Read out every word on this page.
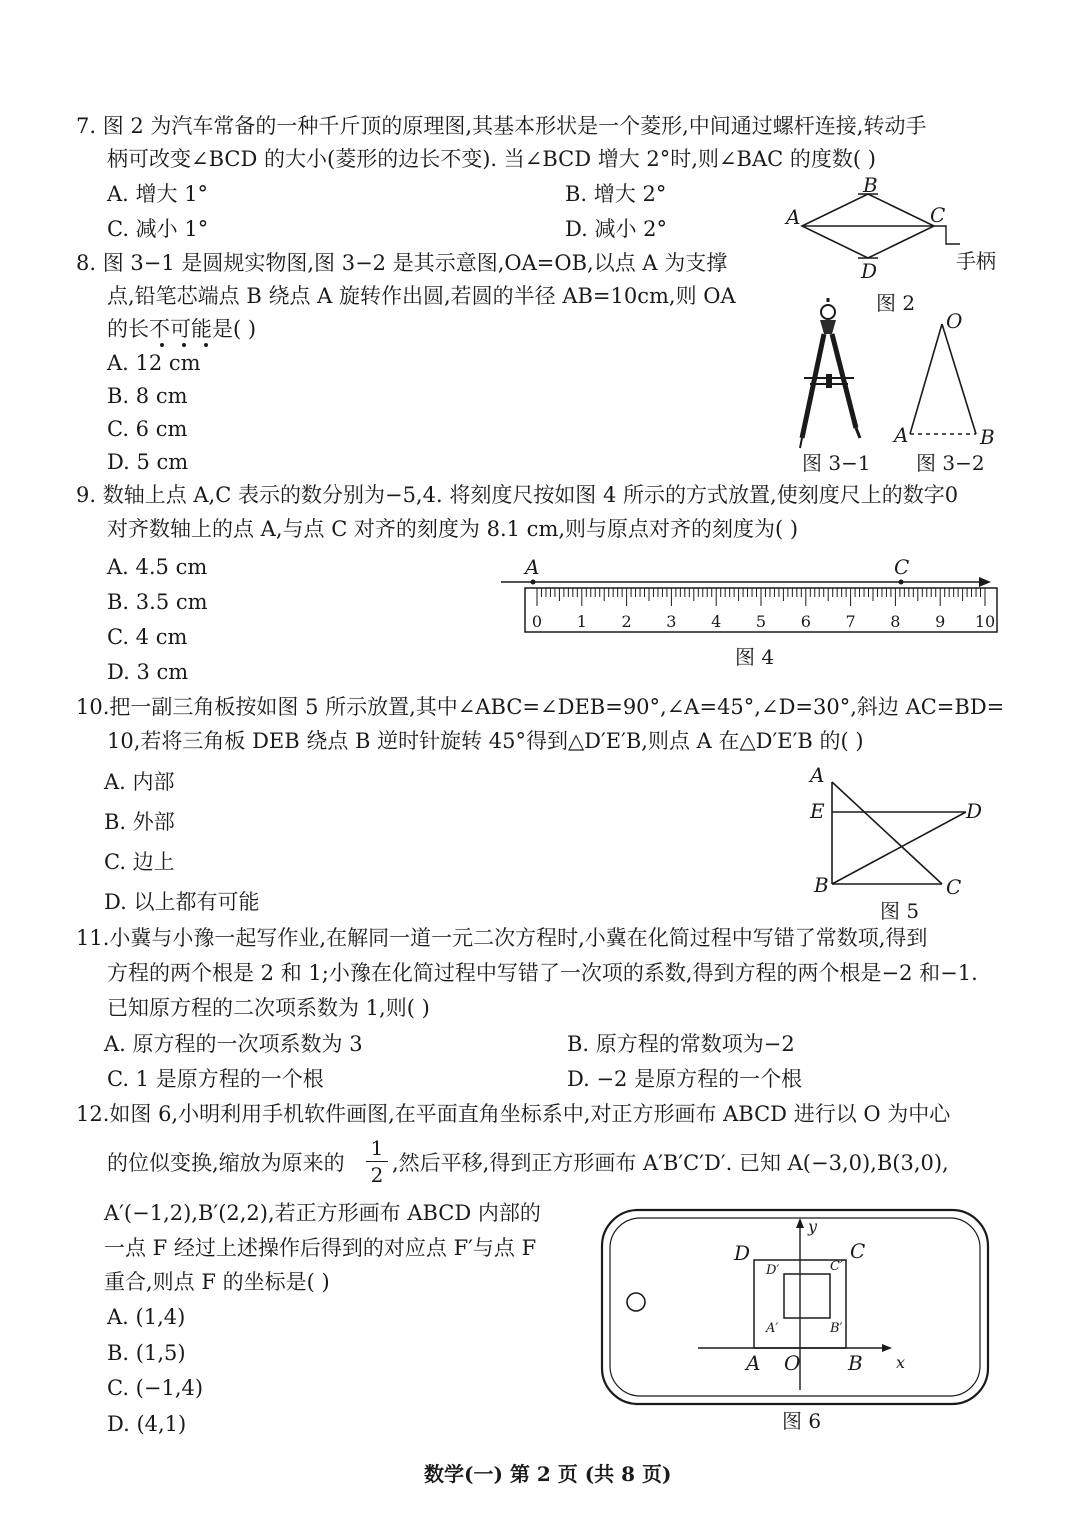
7. 图 2 为汽车常备的一种千斤顶的原理图,其基本形状是一个菱形,中间通过螺杆连接,转动手
柄可改变∠BCD 的大小(菱形的边长不变). 当∠BCD 增大 2°时,则∠BAC 的度数( )
A. 增大 1°	B. 增大 2°
C. 减小 1°	D. 减小 2°	A
B
C
D	手柄
图 2
8. 图 3−1 是圆规实物图,图 3−2 是其示意图,OA=OB,以点 A 为支撑
点,铅笔芯端点 B 绕点 A 旋转作出圆,若圆的半径 AB=10cm,则 OA
的长不可能是( )
A. 12 cm
B. 8 cm
C. 6 cm
D. 5 cm	图 3−1
O
A	B
图 3−2
9. 数轴上点 A,C 表示的数分别为−5,4. 将刻度尺按如图 4 所示的方式放置,使刻度尺上的数字0
对齐数轴上的点 A,与点 C 对齐的刻度为 8.1 cm,则与原点对齐的刻度为( )
A. 4.5 cm
B. 3.5 cm
C. 4 cm
D. 3 cm
A	C
0 1 2 3 4 5 6 7 8 9 10
图 4
10.把一副三角板按如图 5 所示放置,其中∠ABC=∠DEB=90°,∠A=45°,∠D=30°,斜边 AC=BD=
10,若将三角板 DEB 绕点 B 逆时针旋转 45°得到△D′E′B,则点 A 在△D′E′B 的( )
A. 内部
B. 外部
C. 边上
D. 以上都有可能
A
E	D
B	C
图 5
11.小冀与小豫一起写作业,在解同一道一元二次方程时,小冀在化简过程中写错了常数项,得到
方程的两个根是 2 和 1;小豫在化简过程中写错了一次项的系数,得到方程的两个根是−2 和−1.
已知原方程的二次项系数为 1,则( )
A. 原方程的一次项系数为 3	B. 原方程的常数项为−2
C. 1 是原方程的一个根	D. −2 是原方程的一个根
12.如图 6,小明利用手机软件画图,在平面直角坐标系中,对正方形画布 ABCD 进行以 O 为中心
的位似变换,缩放为原来的
1
2 ,然后平移,得到正方形画布 A′B′C′D′. 已知 A(−3,0),B(3,0),
A′(−1,2),B′(2,2),若正方形画布 ABCD 内部的
一点 F 经过上述操作后得到的对应点 F′与点 F
重合,则点 F 的坐标是( )
A. (1,4)
B. (1,5)
C. (−1,4)
D. (4,1)
D	C
A O B x
y
D′	C′
A′	B′
图 6
数学(一) 第 2 页 (共 8 页)
